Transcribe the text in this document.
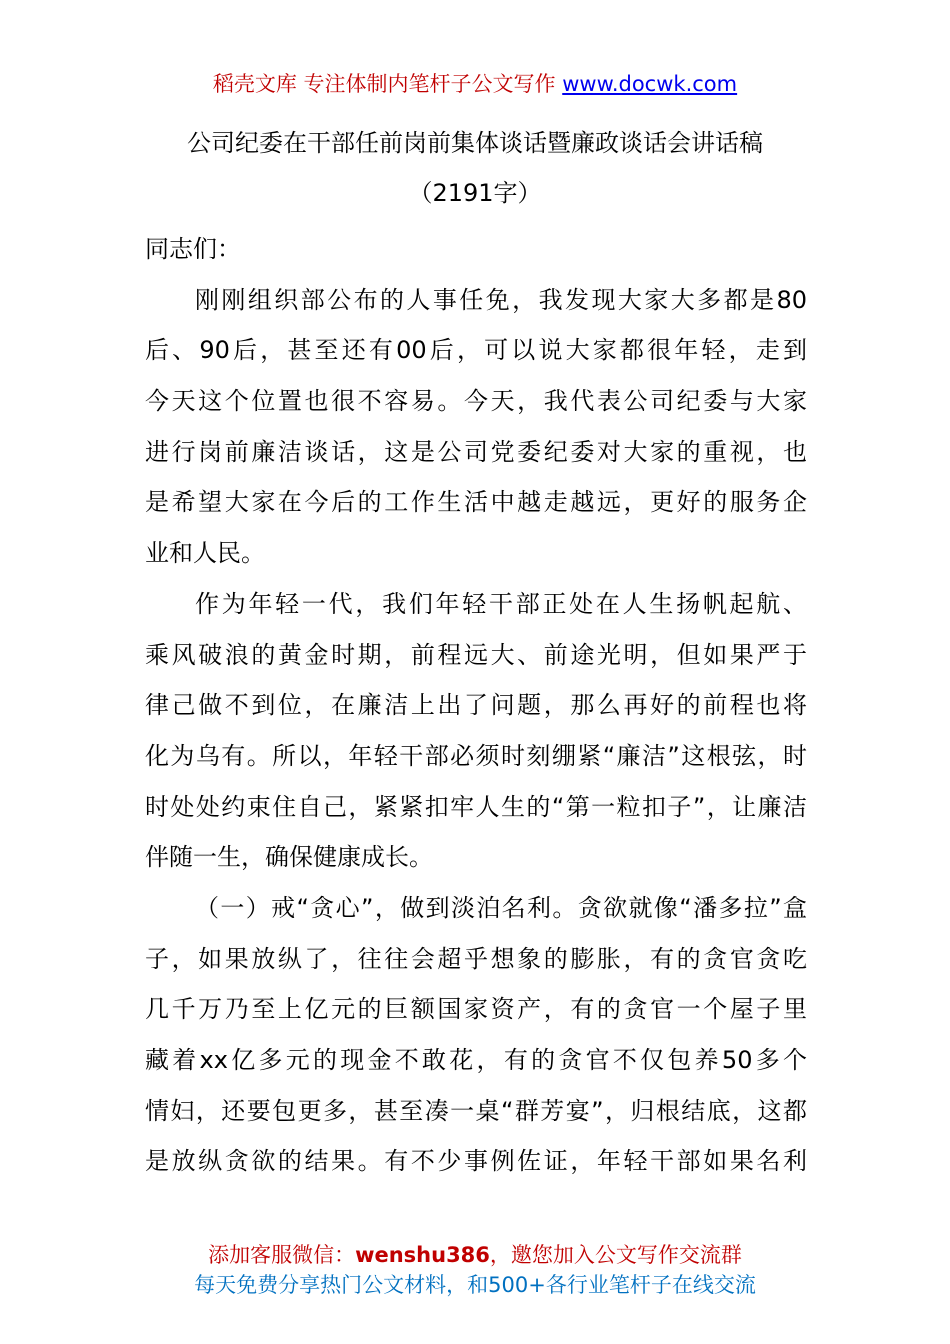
稻壳文库 专注体制内笔杆子公文写作 www.docwk.com
公司纪委在干部任前岗前集体谈话暨廉政谈话会讲话稿
（2191字）
同志们：
刚刚组织部公布的人事任免，我发现大家大多都是80
后、90后，甚至还有00后，可以说大家都很年轻，走到
今天这个位置也很不容易。今天，我代表公司纪委与大家
进行岗前廉洁谈话，这是公司党委纪委对大家的重视，也
是希望大家在今后的工作生活中越走越远，更好的服务企
业和人民。
作为年轻一代，我们年轻干部正处在人生扬帆起航、
乘风破浪的黄金时期，前程远大、前途光明，但如果严于
律己做不到位，在廉洁上出了问题，那么再好的前程也将
化为乌有。所以，年轻干部必须时刻绷紧“廉洁”这根弦，时
时处处约束住自己，紧紧扣牢人生的“第一粒扣子”，让廉洁
伴随一生，确保健康成长。
（一）戒“贪心”，做到淡泊名利。贪欲就像“潘多拉”盒
子，如果放纵了，往往会超乎想象的膨胀，有的贪官贪吃
几千万乃至上亿元的巨额国家资产，有的贪官一个屋子里
藏着xx亿多元的现金不敢花，有的贪官不仅包养50多个
情妇，还要包更多，甚至凑一桌“群芳宴”，归根结底，这都
是放纵贪欲的结果。有不少事例佐证，年轻干部如果名利
添加客服微信：wenshu386，邀您加入公文写作交流群
每天免费分享热门公文材料，和500+各行业笔杆子在线交流
